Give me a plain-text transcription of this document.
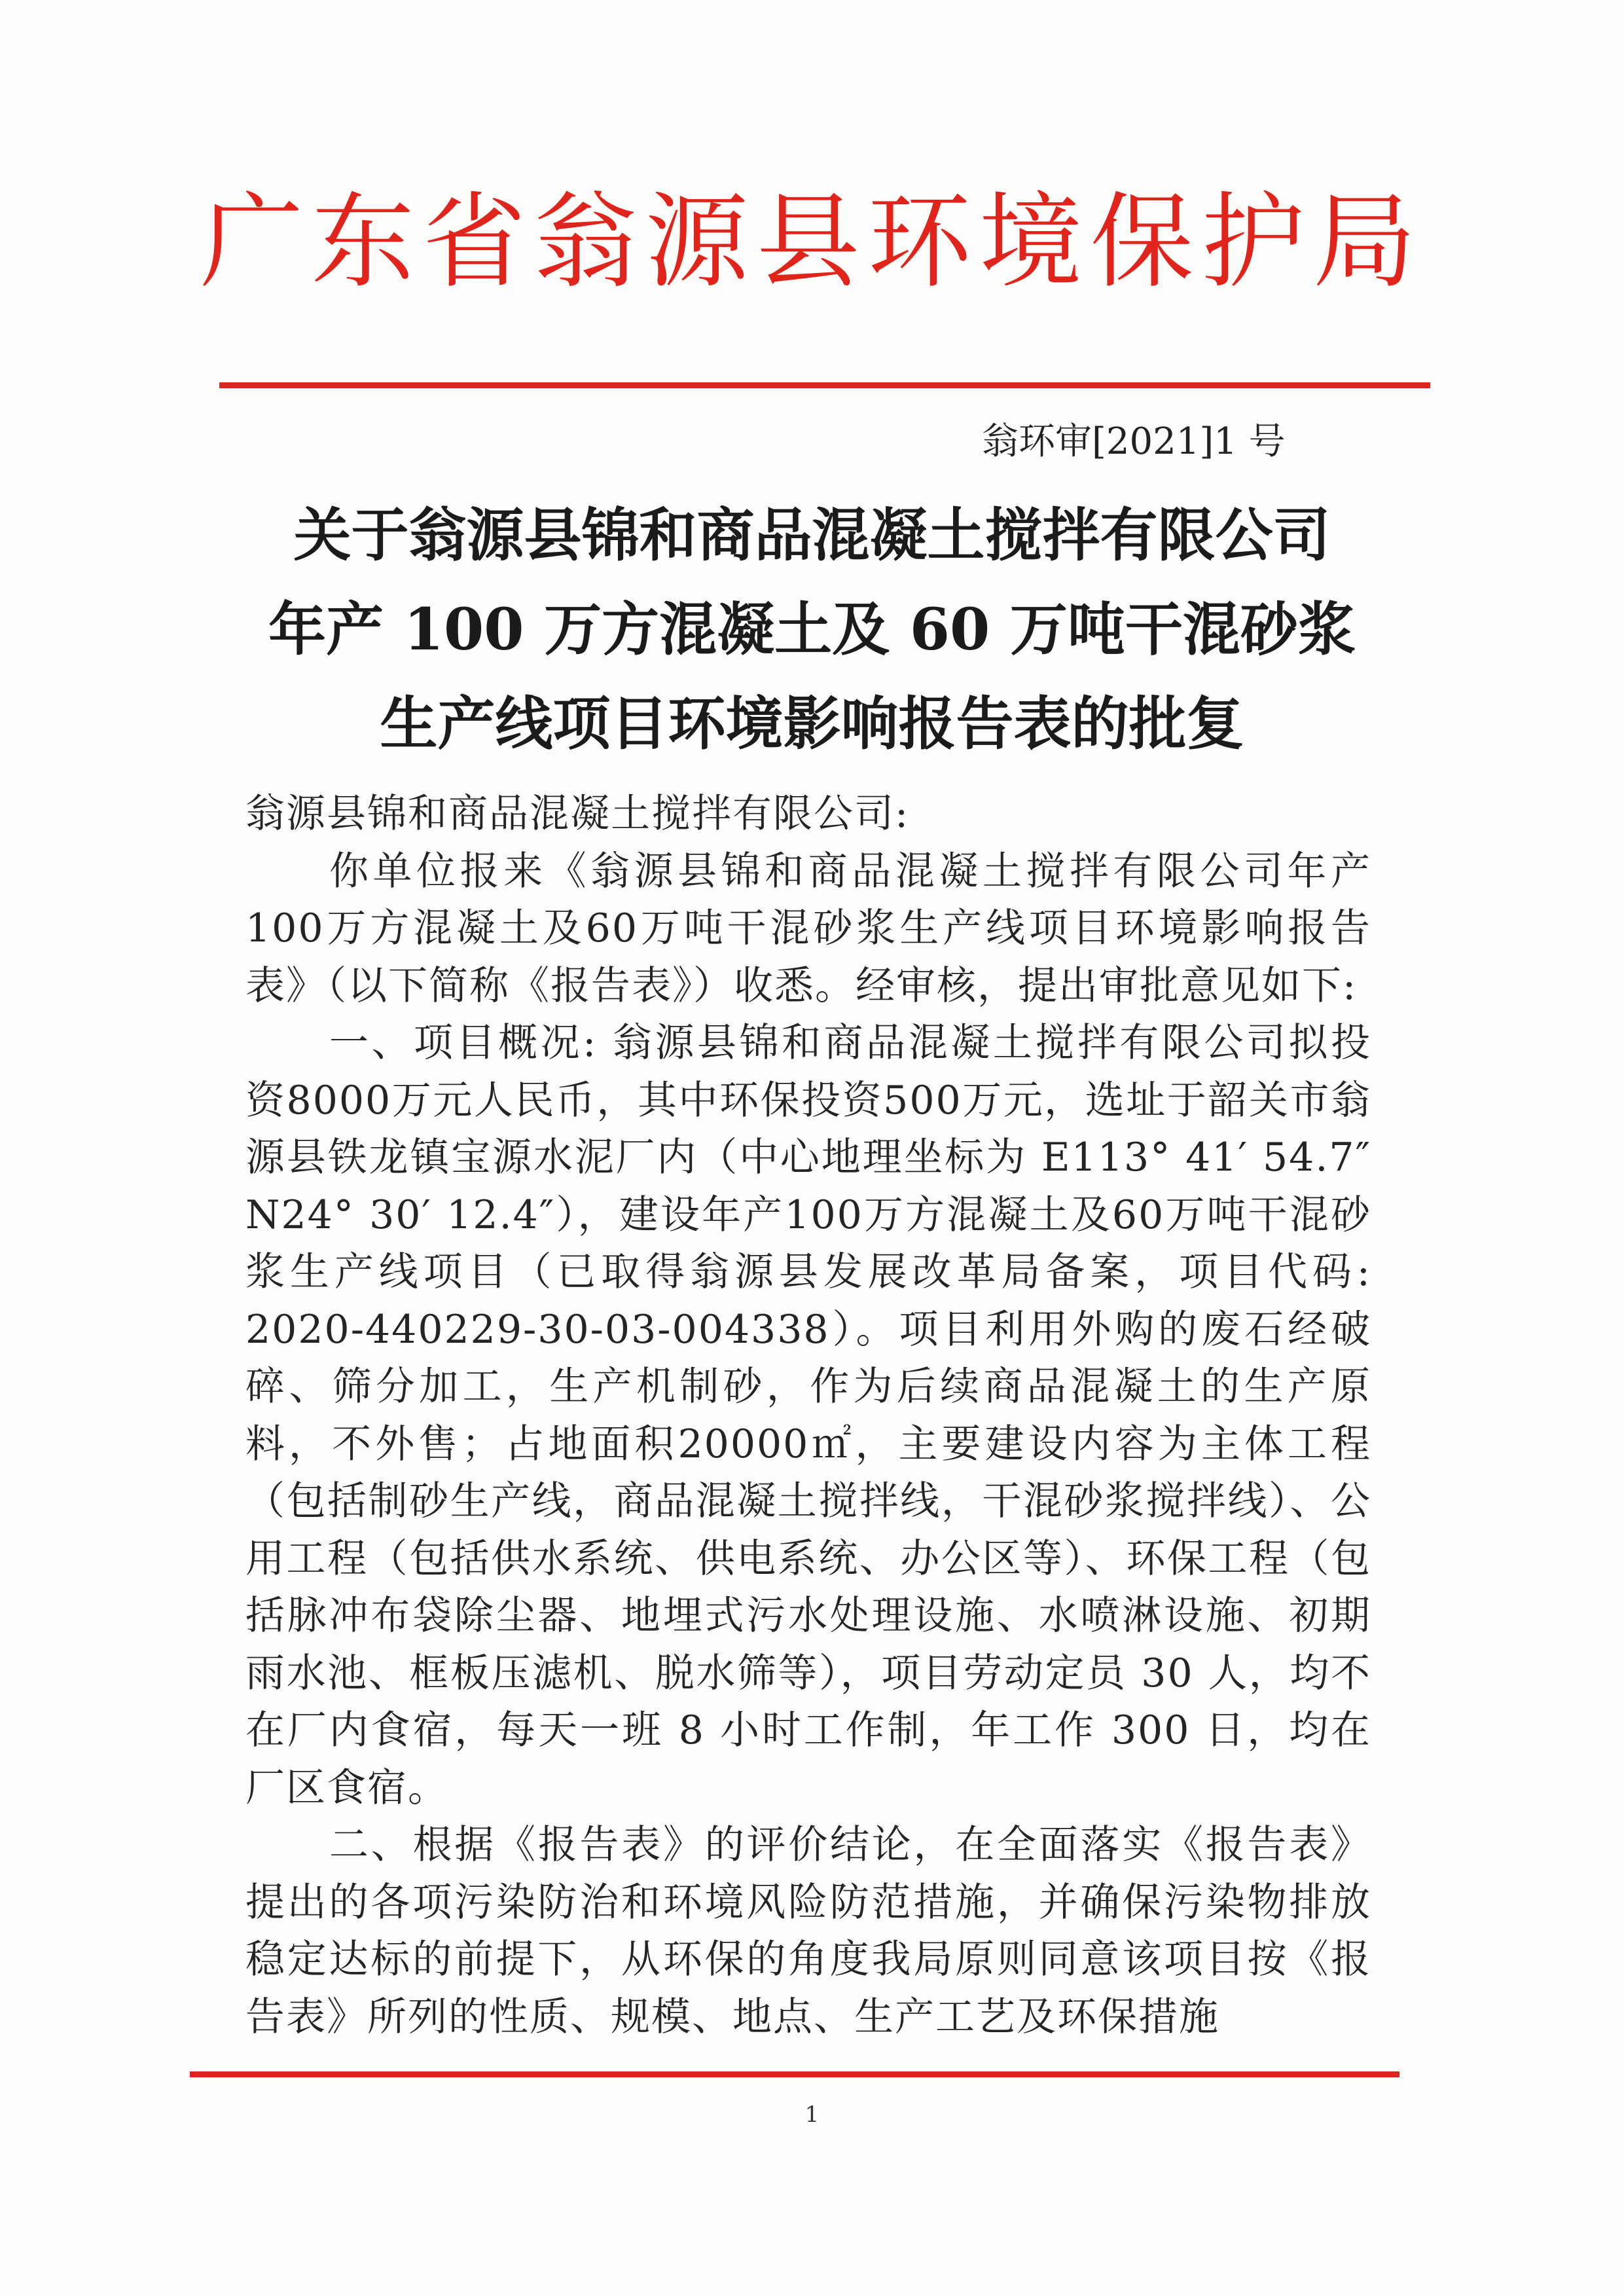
广东省翁源县环境保护局
翁环审[2021]1 号
关于翁源县锦和商品混凝土搅拌有限公司
年产 100 万方混凝土及 60 万吨干混砂浆
生产线项目环境影响报告表的批复

翁源县锦和商品混凝土搅拌有限公司:

你单位报来《翁源县锦和商品混凝土搅拌有限公司年产100万方混凝土及60万吨干混砂浆生产线项目环境影响报告表》（以下简称《报告表》）收悉。经审核，提出审批意见如下:

一、项目概况: 翁源县锦和商品混凝土搅拌有限公司拟投资8000万元人民币，其中环保投资500万元，选址于韶关市翁源县铁龙镇宝源水泥厂内（中心地理坐标为 E113° 41′ 54.7″ N24° 30′ 12.4″），建设年产100万方混凝土及60万吨干混砂浆生产线项目（已取得翁源县发展改革局备案，项目代码: 2020-440229-30-03-004338）。项目利用外购的废石经破碎、筛分加工，生产机制砂，作为后续商品混凝土的生产原料，不外售；占地面积20000㎡，主要建设内容为主体工程（包括制砂生产线，商品混凝土搅拌线，干混砂浆搅拌线）、公用工程（包括供水系统、供电系统、办公区等）、环保工程（包括脉冲布袋除尘器、地埋式污水处理设施、水喷淋设施、初期雨水池、框板压滤机、脱水筛等），项目劳动定员 30 人，均不在厂内食宿，每天一班 8 小时工作制，年工作 300 日，均在厂区食宿。

二、根据《报告表》的评价结论，在全面落实《报告表》提出的各项污染防治和环境风险防范措施，并确保污染物排放稳定达标的前提下，从环保的角度我局原则同意该项目按《报告表》所列的性质、规模、地点、生产工艺及环保措施

1
